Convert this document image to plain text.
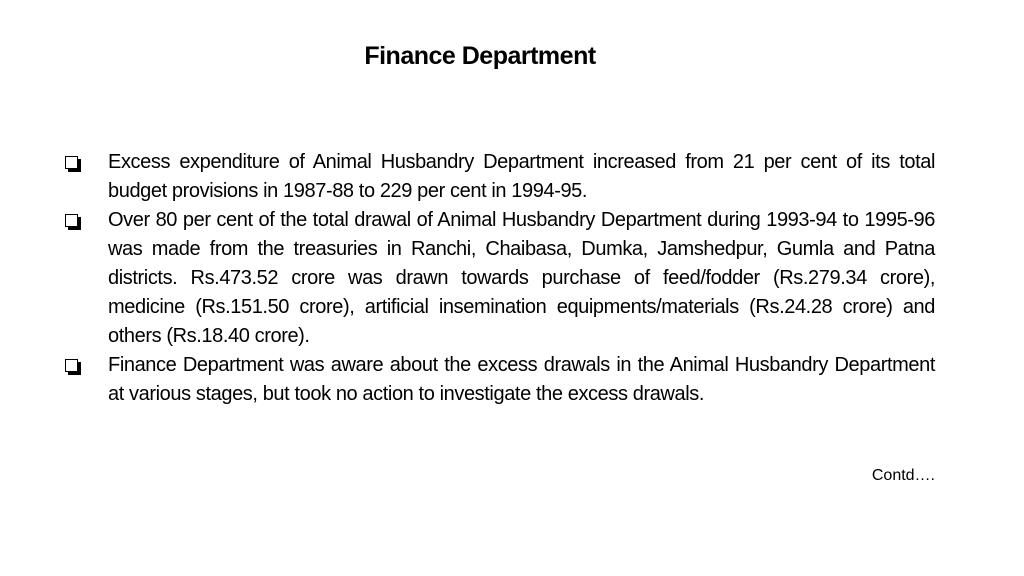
Finance Department
Excess expenditure of Animal Husbandry Department increased from 21 per cent of its total budget provisions in 1987-88 to 229 per cent in 1994-95.
Over 80 per cent of the total drawal of Animal Husbandry Department during 1993-94 to 1995-96 was made from the treasuries in Ranchi, Chaibasa, Dumka, Jamshedpur, Gumla and Patna districts. Rs.473.52 crore was drawn towards purchase of feed/fodder (Rs.279.34 crore), medicine (Rs.151.50 crore), artificial insemination equipments/materials (Rs.24.28 crore) and others (Rs.18.40 crore).
Finance Department was aware about the excess drawals in the Animal Husbandry Department at various stages, but took no action to investigate the excess drawals.
Contd….
